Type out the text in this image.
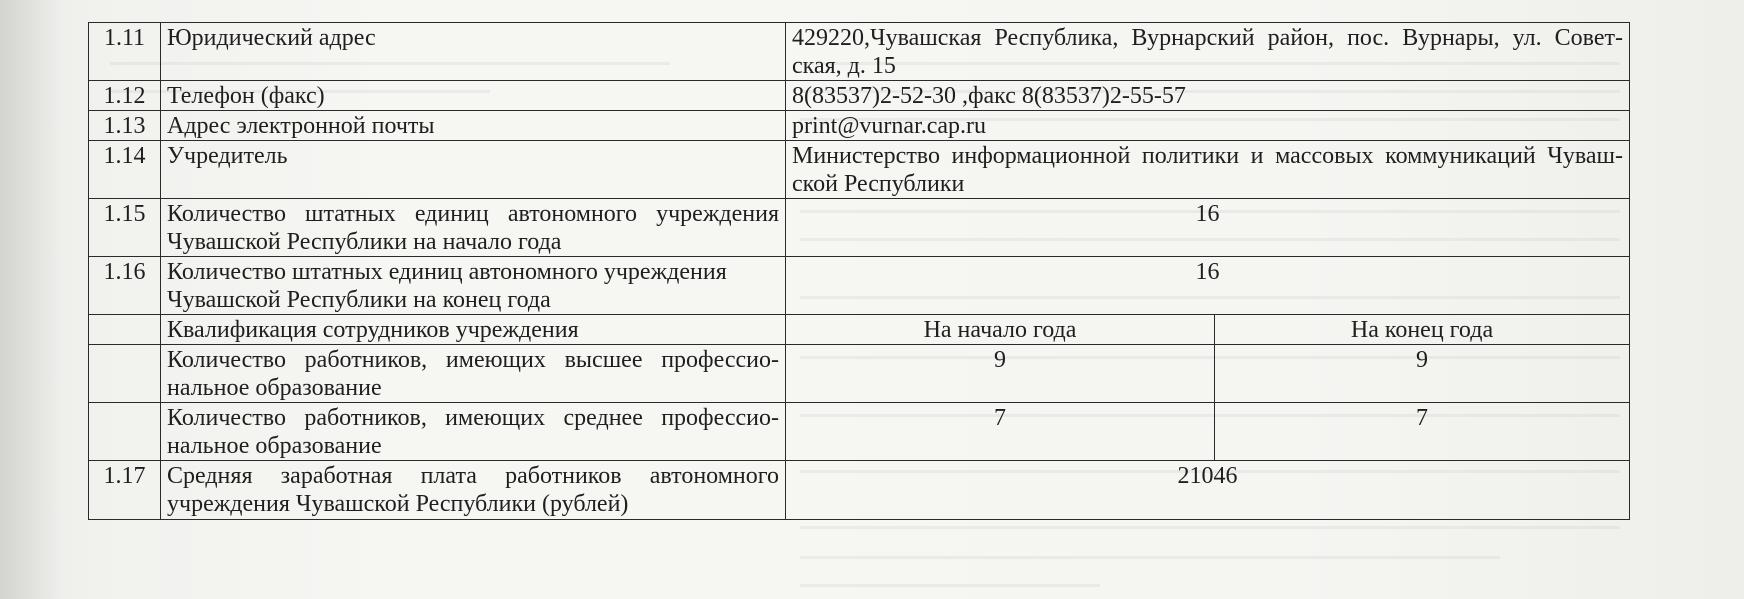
1.11	Юридический адрес	429220,Чувашская Республика, Вурнарский район, пос. Вурнары, ул. Совет-ская, д. 15	
1.12	Телефон (факс)	8(83537)2-52-30 ,факс 8(83537)2-55-57	
1.13	Адрес электронной почты	print@vurnar.cap.ru	
1.14	Учредитель	Министерство информационной политики и массовых коммуникаций Чуваш-ской Республики	
1.15	Количество штатных единиц автономного учреждения Чувашской Республики на начало года	16	
1.16	Количество штатных единиц автономного учреждения Чувашской Республики на конец года	16	
	Квалификация сотрудников учреждения	На начало года	На конец года
	Количество работников, имеющих высшее профессио-нальное образование	9	9
	Количество работников, имеющих среднее профессио-нальное образование	7	7
1.17	Средняя заработная плата работников автономного учреждения Чувашской Республики (рублей)	21046	
